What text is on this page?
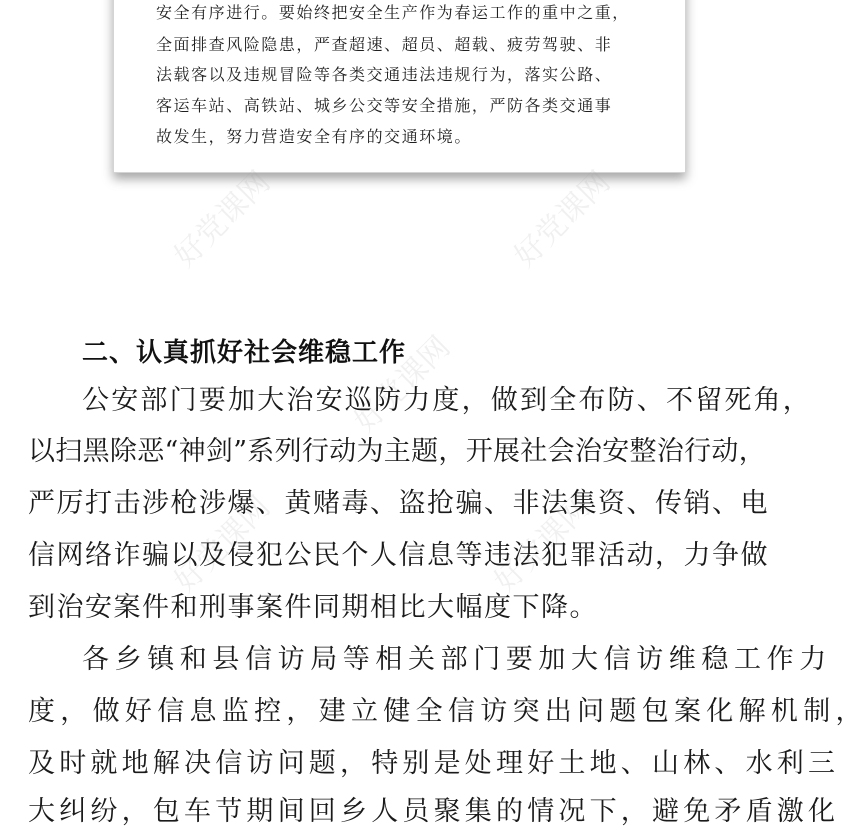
安全有序进行。要始终把安全生产作为春运工作的重中之重，
全面排查风险隐患，严查超速、超员、超载、疲劳驾驶、非
法载客以及违规冒险等各类交通违法违规行为，落实公路、
客运车站、高铁站、城乡公交等安全措施，严防各类交通事
故发生，努力营造安全有序的交通环境。
好党课网	好党课网
好党课网
好党课网	好党课网
二、认真抓好社会维稳工作
公安部门要加大治安巡防力度，做到全布防、不留死角，
以扫黑除恶“神剑”系列行动为主题，开展社会治安整治行动，
严厉打击涉枪涉爆、黄赌毒、盗抢骗、非法集资、传销、电
信网络诈骗以及侵犯公民个人信息等违法犯罪活动，力争做
到治安案件和刑事案件同期相比大幅度下降。
各乡镇和县信访局等相关部门要加大信访维稳工作力
度，做好信息监控，建立健全信访突出问题包案化解机制，
及时就地解决信访问题，特别是处理好土地、山林、水利三
大纠纷，包车节期间回乡人员聚集的情况下，避免矛盾激化
